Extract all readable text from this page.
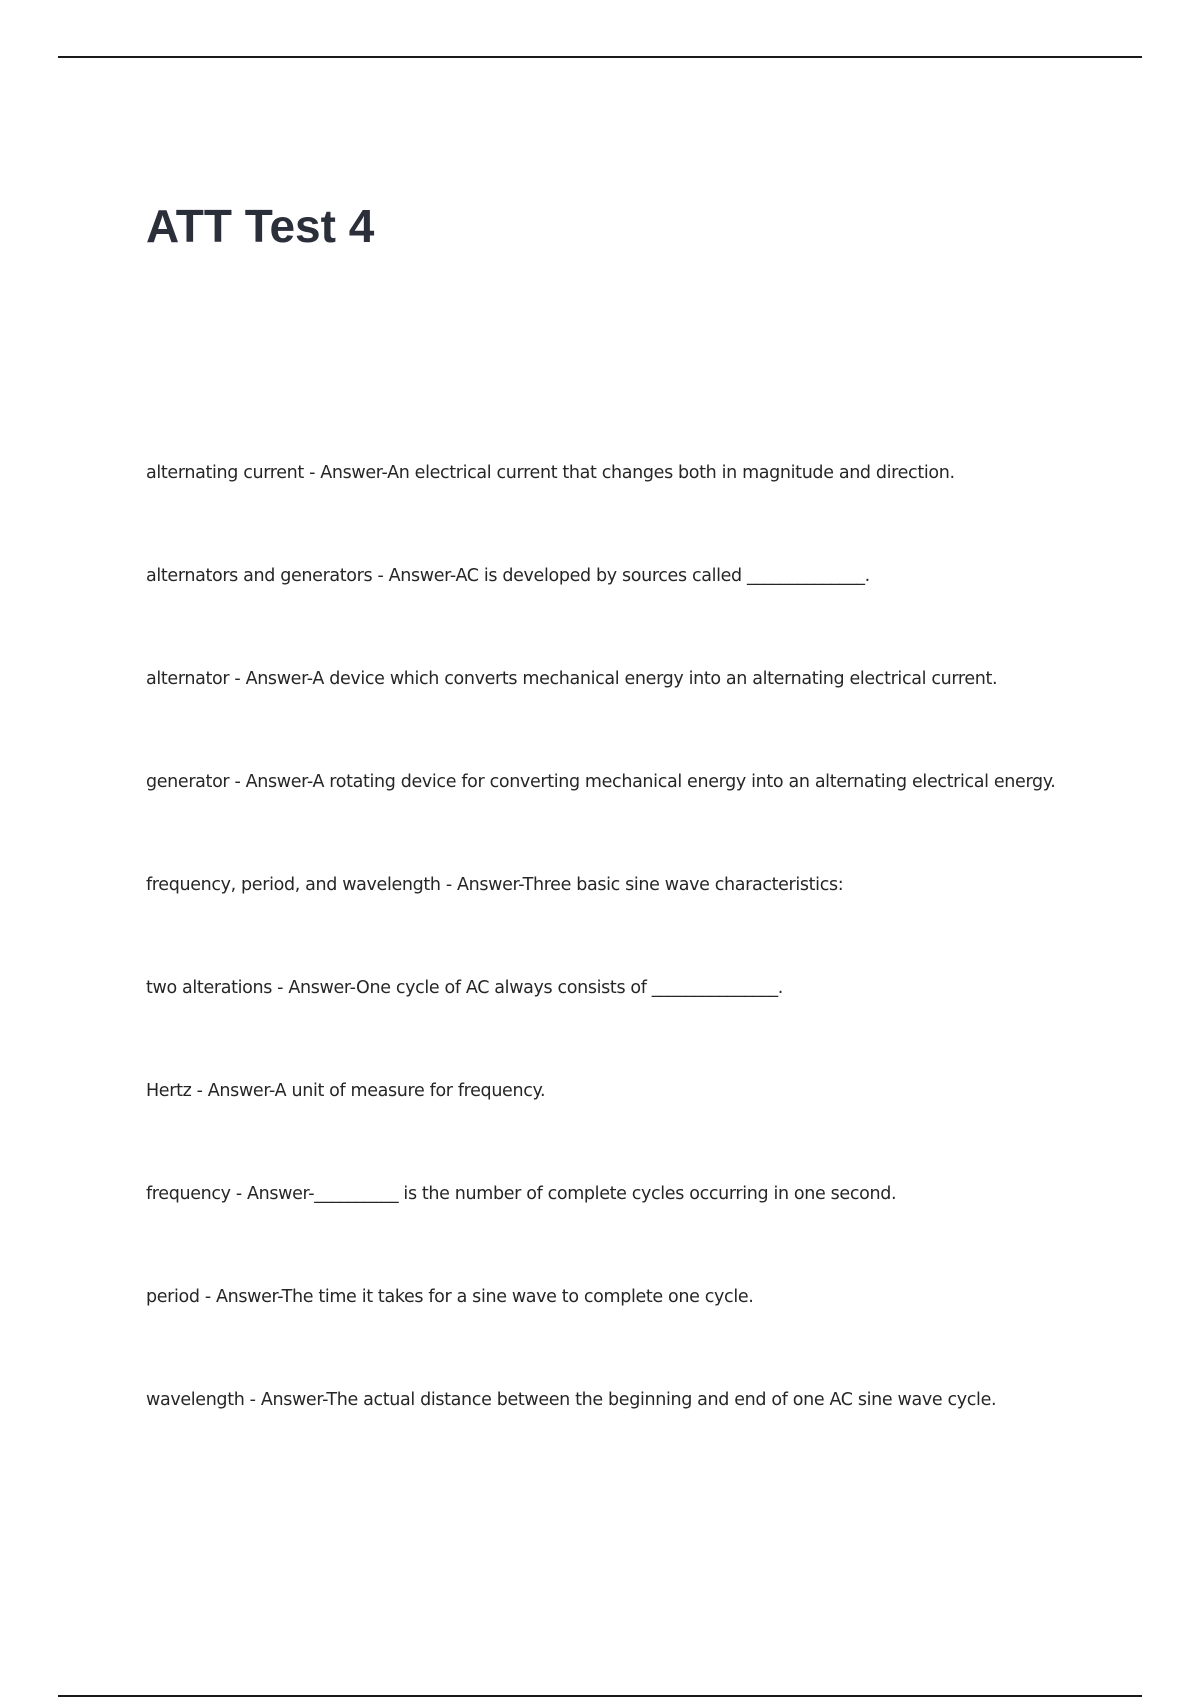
ATT Test 4
alternating current - Answer-An electrical current that changes both in magnitude and direction.
alternators and generators - Answer-AC is developed by sources called ______________.
alternator - Answer-A device which converts mechanical energy into an alternating electrical current.
generator - Answer-A rotating device for converting mechanical energy into an alternating electrical energy.
frequency, period, and wavelength - Answer-Three basic sine wave characteristics:
two alterations - Answer-One cycle of AC always consists of _______________.
Hertz - Answer-A unit of measure for frequency.
frequency - Answer-__________ is the number of complete cycles occurring in one second.
period - Answer-The time it takes for a sine wave to complete one cycle.
wavelength - Answer-The actual distance between the beginning and end of one AC sine wave cycle.
